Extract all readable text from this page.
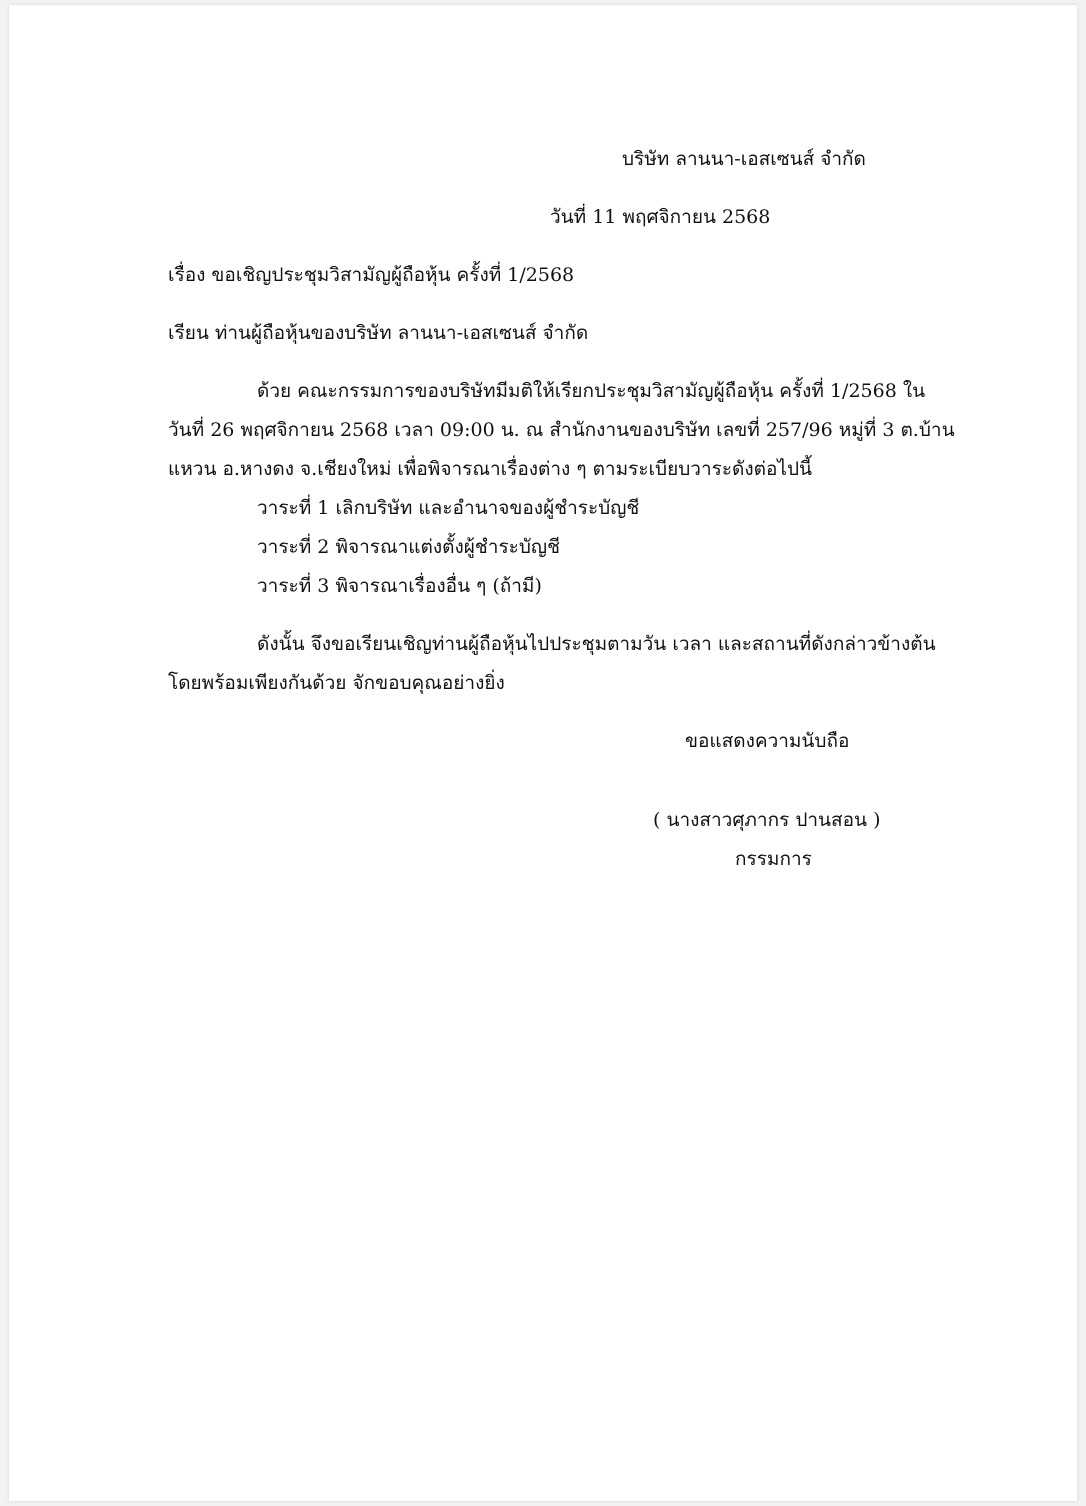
บริษัท ลานนา-เอสเซนส์ จำกัด
วันที่ 11 พฤศจิกายน 2568
เรื่อง ขอเชิญประชุมวิสามัญผู้ถือหุ้น ครั้งที่ 1/2568
เรียน ท่านผู้ถือหุ้นของบริษัท ลานนา-เอสเซนส์ จำกัด
ด้วย คณะกรรมการของบริษัทมีมติให้เรียกประชุมวิสามัญผู้ถือหุ้น ครั้งที่ 1/2568 ใน
วันที่ 26 พฤศจิกายน 2568 เวลา 09:00 น. ณ สำนักงานของบริษัท เลขที่ 257/96 หมู่ที่ 3 ต.บ้าน
แหวน อ.หางดง จ.เชียงใหม่ เพื่อพิจารณาเรื่องต่าง ๆ ตามระเบียบวาระดังต่อไปนี้
วาระที่ 1 เลิกบริษัท และอำนาจของผู้ชำระบัญชี
วาระที่ 2 พิจารณาแต่งตั้งผู้ชำระบัญชี
วาระที่ 3 พิจารณาเรื่องอื่น ๆ (ถ้ามี)
ดังนั้น จึงขอเรียนเชิญท่านผู้ถือหุ้นไปประชุมตามวัน เวลา และสถานที่ดังกล่าวข้างต้น
โดยพร้อมเพียงกันด้วย จักขอบคุณอย่างยิ่ง
ขอแสดงความนับถือ
( นางสาวศุภากร ปานสอน )
กรรมการ
